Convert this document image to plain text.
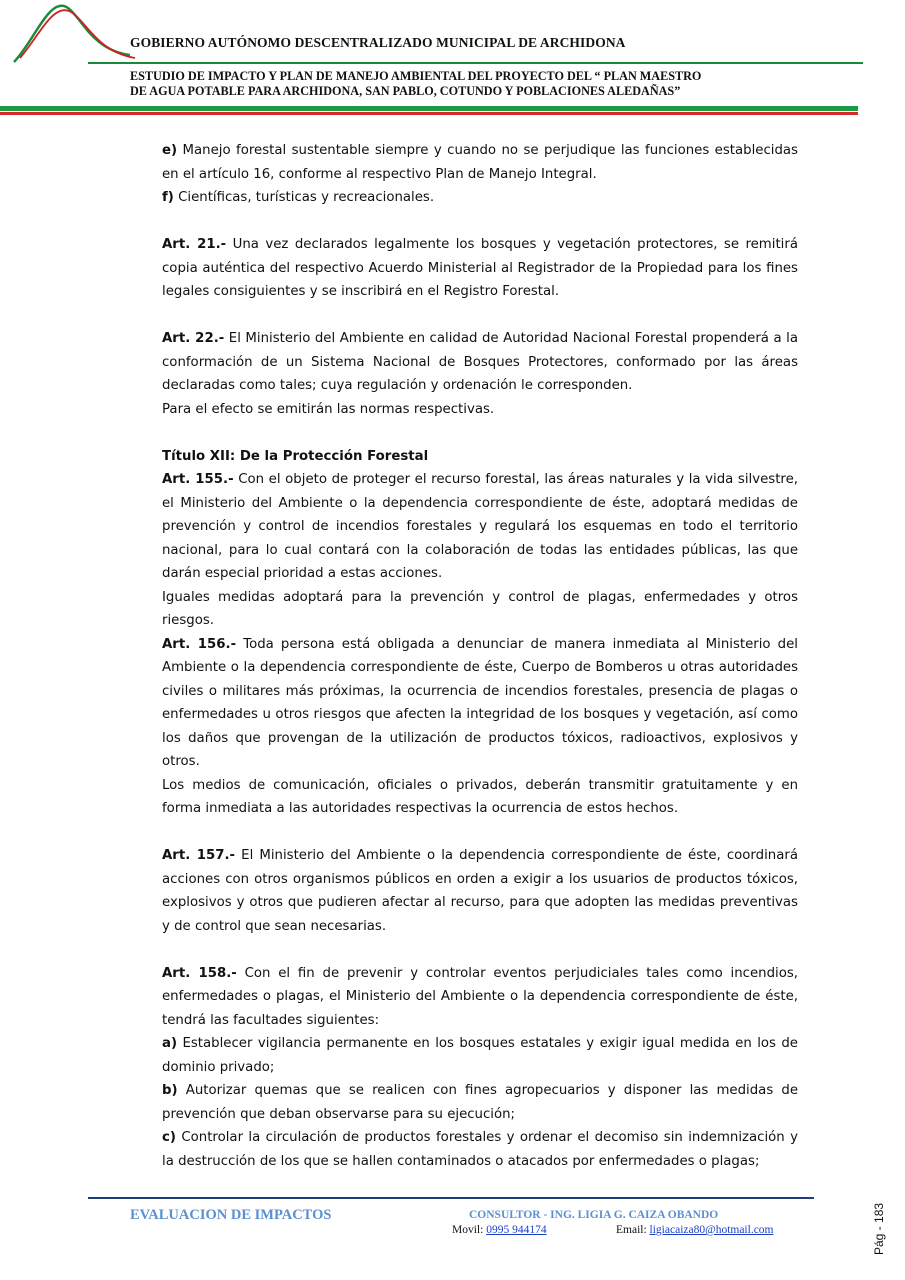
GOBIERNO AUTÓNOMO DESCENTRALIZADO MUNICIPAL DE ARCHIDONA
ESTUDIO DE IMPACTO Y PLAN DE MANEJO AMBIENTAL DEL PROYECTO DEL “ PLAN MAESTRO
DE AGUA POTABLE PARA ARCHIDONA, SAN PABLO, COTUNDO Y POBLACIONES ALEDAÑAS”

e) Manejo forestal sustentable siempre y cuando no se perjudique las funciones establecidas en el artículo 16, conforme al respectivo Plan de Manejo Integral.

f) Científicas, turísticas y recreacionales.

Art. 21.- Una vez declarados legalmente los bosques y vegetación protectores, se remitirá copia auténtica del respectivo Acuerdo Ministerial al Registrador de la Propiedad para los fines legales consiguientes y se inscribirá en el Registro Forestal.

Art. 22.- El Ministerio del Ambiente en calidad de Autoridad Nacional Forestal propenderá a la conformación de un Sistema Nacional de Bosques Protectores, conformado por las áreas declaradas como tales; cuya regulación y ordenación le corresponden.

Para el efecto se emitirán las normas respectivas.

Título XII: De la Protección Forestal

Art. 155.- Con el objeto de proteger el recurso forestal, las áreas naturales y la vida silvestre, el Ministerio del Ambiente o la dependencia correspondiente de éste, adoptará medidas de prevención y control de incendios forestales y regulará los esquemas en todo el territorio nacional, para lo cual contará con la colaboración de todas las entidades públicas, las que darán especial prioridad a estas acciones.

Iguales medidas adoptará para la prevención y control de plagas, enfermedades y otros riesgos.

Art. 156.- Toda persona está obligada a denunciar de manera inmediata al Ministerio del Ambiente o la dependencia correspondiente de éste, Cuerpo de Bomberos u otras autoridades civiles o militares más próximas, la ocurrencia de incendios forestales, presencia de plagas o enfermedades u otros riesgos que afecten la integridad de los bosques y vegetación, así como los daños que provengan de la utilización de productos tóxicos, radioactivos, explosivos y otros.

Los medios de comunicación, oficiales o privados, deberán transmitir gratuitamente y en forma inmediata a las autoridades respectivas la ocurrencia de estos hechos.

Art. 157.- El Ministerio del Ambiente o la dependencia correspondiente de éste, coordinará acciones con otros organismos públicos en orden a exigir a los usuarios de productos tóxicos, explosivos y otros que pudieren afectar al recurso, para que adopten las medidas preventivas y de control que sean necesarias.

Art. 158.- Con el fin de prevenir y controlar eventos perjudiciales tales como incendios, enfermedades o plagas, el Ministerio del Ambiente o la dependencia correspondiente de éste, tendrá las facultades siguientes:

a) Establecer vigilancia permanente en los bosques estatales y exigir igual medida en los de dominio privado;

b) Autorizar quemas que se realicen con fines agropecuarios y disponer las medidas de prevención que deban observarse para su ejecución;

c) Controlar la circulación de productos forestales y ordenar el decomiso sin indemnización y la destrucción de los que se hallen contaminados o atacados por enfermedades o plagas;

EVALUACION DE IMPACTOS	CONSULTOR - ING. LIGIA G. CAIZA OBANDO
Movil: 0995 944174	Email: ligiacaiza80@hotmail.com	Pág - 183
